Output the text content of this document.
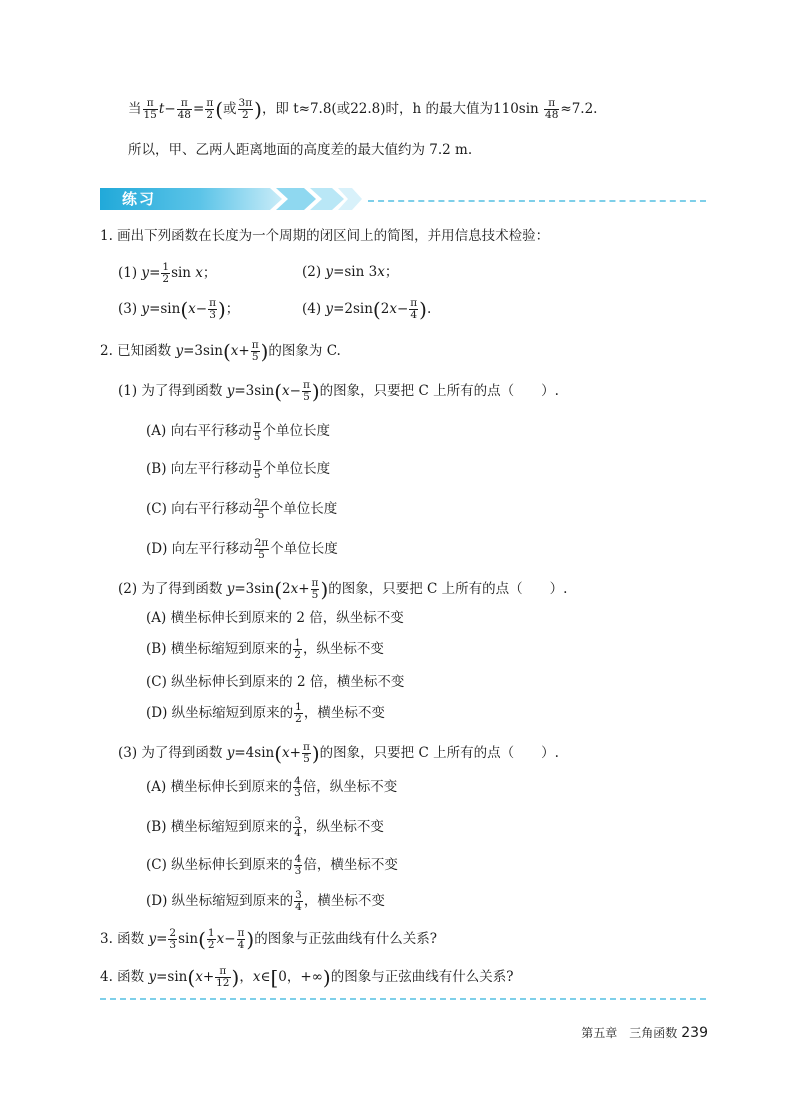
当 $\frac{\pi}{15} t- \frac{\pi}{48} = \frac{\pi}{2}$ (或 $\frac{3\pi}{2}$ )，即 t≈7.8(或22.8)时，h 的最大值为$110\sin \frac{\pi}{48} \approx 7.2$.
所以，甲、乙两人距离地面的高度差的最大值约为 7.2 m.
练习
1. 画出下列函数在长度为一个周期的闭区间上的简图，并用信息技术检验：
(1) $y= \frac{1}{2}$ sin x；	(2) y=sin 3x；
(3) $y=\sin(x- \frac{\pi}{3}$ )；	(4) $y=2\sin(2x- \frac{\pi}{4}$ ).
2. 已知函数 $y=3\sin(x+ \frac{\pi}{5}$ )的图象为 C.
(1) 为了得到函数 $y=3\sin(x- \frac{\pi}{5}$ )的图象，只要把 C 上所有的点（　　）.
(A) 向右平行移动 $\frac{\pi}{5}$ 个单位长度
(B) 向左平行移动 $\frac{\pi}{5}$ 个单位长度
(C) 向右平行移动 $\frac{2\pi}{5}$ 个单位长度
(D) 向左平行移动 $\frac{2\pi}{5}$ 个单位长度
(2) 为了得到函数 $y=3\sin(2x+ \frac{\pi}{5}$ )的图象，只要把 C 上所有的点（　　）.
(A) 横坐标伸长到原来的 2 倍，纵坐标不变
(B) 横坐标缩短到原来的 $\frac{1}{2}$ ，纵坐标不变
(C) 纵坐标伸长到原来的 2 倍，横坐标不变
(D) 纵坐标缩短到原来的 $\frac{1}{2}$ ，横坐标不变
(3) 为了得到函数 $y=4\sin(x+ \frac{\pi}{5}$ )的图象，只要把 C 上所有的点（　　）.
(A) 横坐标伸长到原来的 $\frac{4}{3}$ 倍，纵坐标不变
(B) 横坐标缩短到原来的 $\frac{3}{4}$ ，纵坐标不变
(C) 纵坐标伸长到原来的 $\frac{4}{3}$ 倍，横坐标不变
(D) 纵坐标缩短到原来的 $\frac{3}{4}$ ，横坐标不变
3. 函数 $y= \frac{2}{3} \sin( \frac{1}{2} x- \frac{\pi}{4}$ )的图象与正弦曲线有什么关系?
4. 函数 $y=\sin(x+ \frac{\pi}{12}$ )，x∈[0，+∞)的图象与正弦曲线有什么关系?
第五章　三角函数 239
